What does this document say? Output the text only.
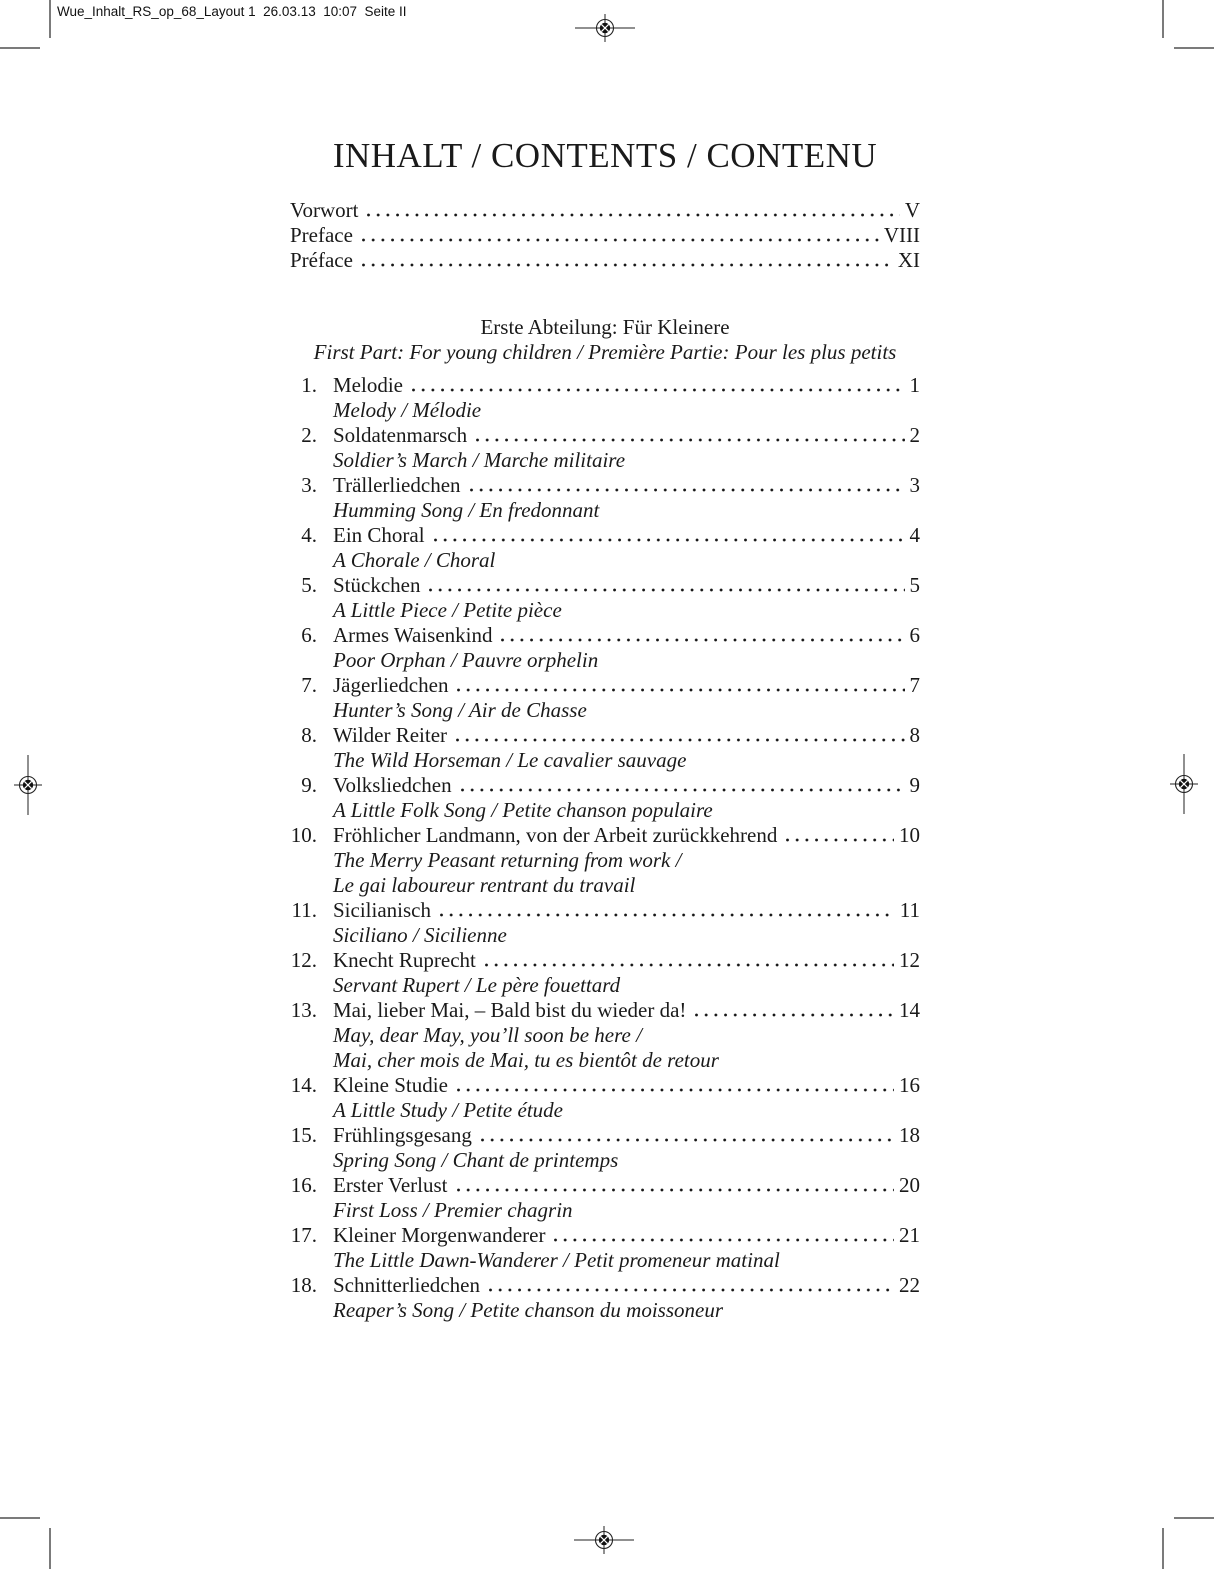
Wue_Inhalt_RS_op_68_Layout 1  26.03.13  10:07  Seite II
INHALT / CONTENTS / CONTENU
Vorwort	V
Preface	VIII
Préface	XI
Erste Abteilung: Für Kleinere
First Part: For young children / Première Partie: Pour les plus petits
1. Melodie	1
Melody / Mélodie
2. Soldatenmarsch	2
Soldier’s March / Marche militaire
3. Trällerliedchen	3
Humming Song / En fredonnant
4. Ein Choral	4
A Chorale / Choral
5. Stückchen	5
A Little Piece / Petite pièce
6. Armes Waisenkind	6
Poor Orphan / Pauvre orphelin
7. Jägerliedchen	7
Hunter’s Song / Air de Chasse
8. Wilder Reiter	8
The Wild Horseman / Le cavalier sauvage
9. Volksliedchen	9
A Little Folk Song / Petite chanson populaire
10. Fröhlicher Landmann, von der Arbeit zurückkehrend	10
The Merry Peasant returning from work /
Le gai laboureur rentrant du travail
11. Sicilianisch	11
Siciliano / Sicilienne
12. Knecht Ruprecht	12
Servant Rupert / Le père fouettard
13. Mai, lieber Mai, – Bald bist du wieder da!	14
May, dear May, you’ll soon be here /
Mai, cher mois de Mai, tu es bientôt de retour
14. Kleine Studie	16
A Little Study / Petite étude
15. Frühlingsgesang	18
Spring Song / Chant de printemps
16. Erster Verlust	20
First Loss / Premier chagrin
17. Kleiner Morgenwanderer	21
The Little Dawn-Wanderer / Petit promeneur matinal
18. Schnitterliedchen	22
Reaper’s Song / Petite chanson du moissoneur
